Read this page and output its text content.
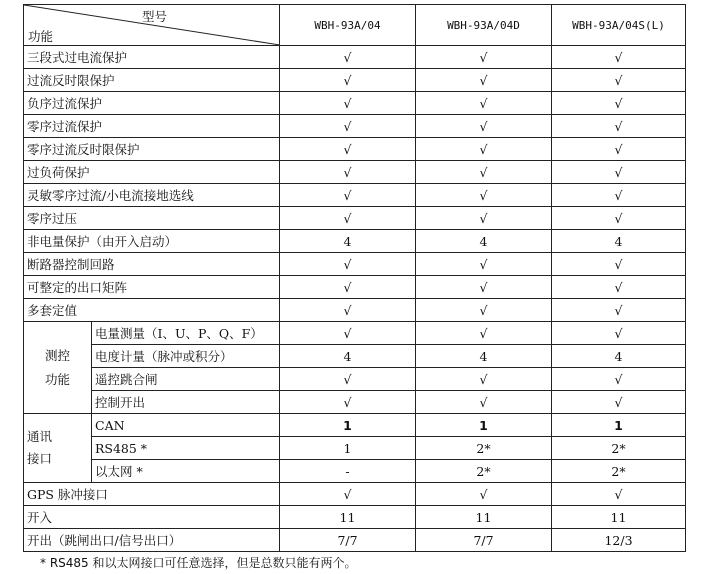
型号
功能		WBH-93A/04	WBH-93A/04D	WBH-93A/04S(L)
三段式过电流保护		√	√	√
过流反时限保护		√	√	√
负序过流保护		√	√	√
零序过流保护		√	√	√
零序过流反时限保护		√	√	√
过负荷保护		√	√	√
灵敏零序过流/小电流接地选线		√	√	√
零序过压		√	√	√
非电量保护（由开入启动）		4	4	4
断路器控制回路		√	√	√
可整定的出口矩阵		√	√	√
多套定值		√	√	√

测控
功能	电量测量（I、U、P、Q、F）	√	√	√
	电度计量（脉冲或积分）	4	4	4
	遥控跳合闸	√	√	√
	控制开出	√	√	√

通讯
接口	CAN	1	1	1
	RS485 *	1	2*	2*
	以太网 *	-	2*	2*
GPS 脉冲接口		√	√	√
开入		11	11	11
开出（跳闸出口/信号出口）		7/7	7/7	12/3
* RS485 和以太网接口可任意选择，但是总数只能有两个。
